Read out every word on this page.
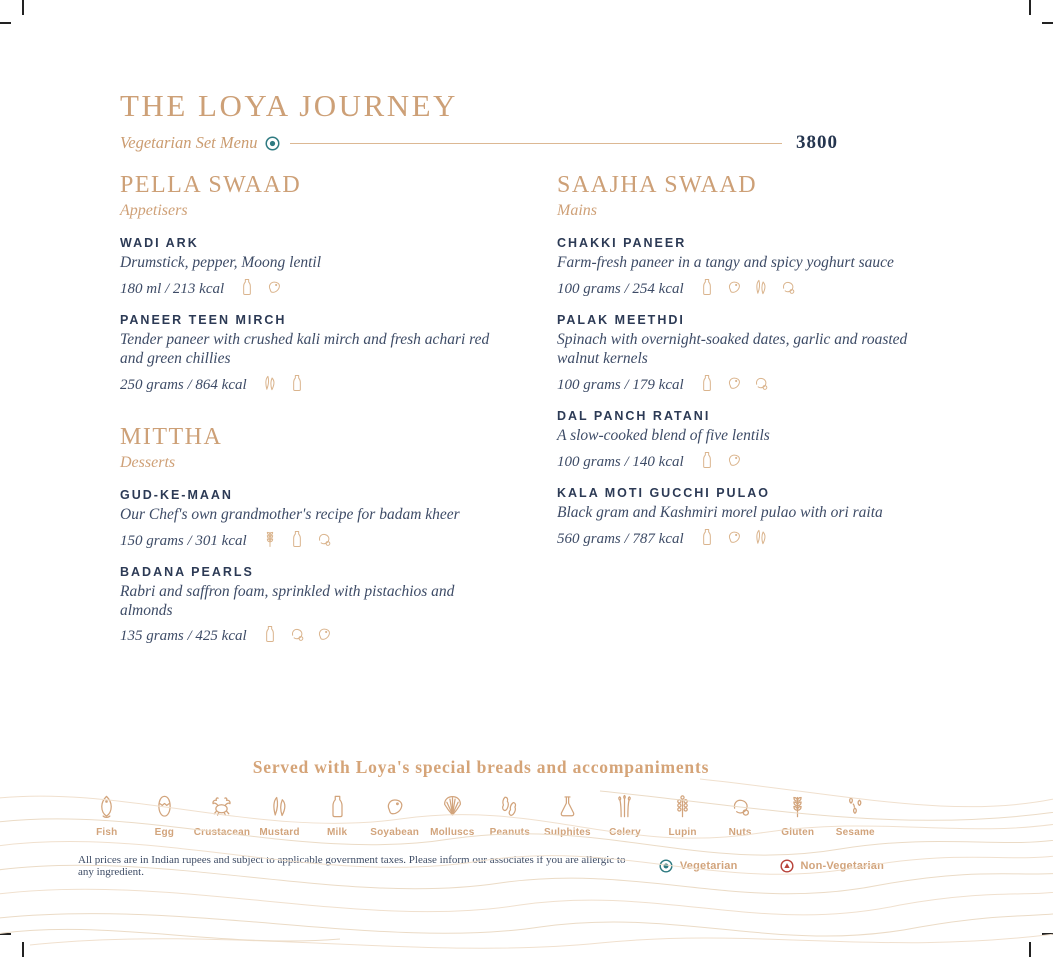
THE LOYA JOURNEY
Vegetarian Set Menu	3800
PELLA SWAAD
Appetisers
WADI ARK
Drumstick, pepper, Moong lentil
180 ml / 213 kcal
PANEER TEEN MIRCH
Tender paneer with crushed kali mirch and fresh achari red and green chillies
250 grams / 864 kcal
MITTHA
Desserts
GUD-KE-MAAN
Our Chef's own grandmother's recipe for badam kheer
150 grams / 301 kcal
BADANA PEARLS
Rabri and saffron foam, sprinkled with pistachios and almonds
135 grams / 425 kcal
SAAJHA SWAAD
Mains
CHAKKI PANEER
Farm-fresh paneer in a tangy and spicy yoghurt sauce
100 grams / 254 kcal
PALAK MEETHDI
Spinach with overnight-soaked dates, garlic and roasted walnut kernels
100 grams / 179 kcal
DAL PANCH RATANI
A slow-cooked blend of five lentils
100 grams / 140 kcal
KALA MOTI GUCCHI PULAO
Black gram and Kashmiri morel pulao with ori raita
560 grams / 787 kcal
Served with Loya's special breads and accompaniments
Fish	Egg Crustacean Mustard	Milk Soyabean Molluscs Peanuts Sulphites Celery	Lupin	Nuts	Gluten Sesame
All prices are in Indian rupees and subject to applicable government taxes. Please inform our associates if you are allergic to any ingredient.	Vegetarian	Non-Vegetarian
